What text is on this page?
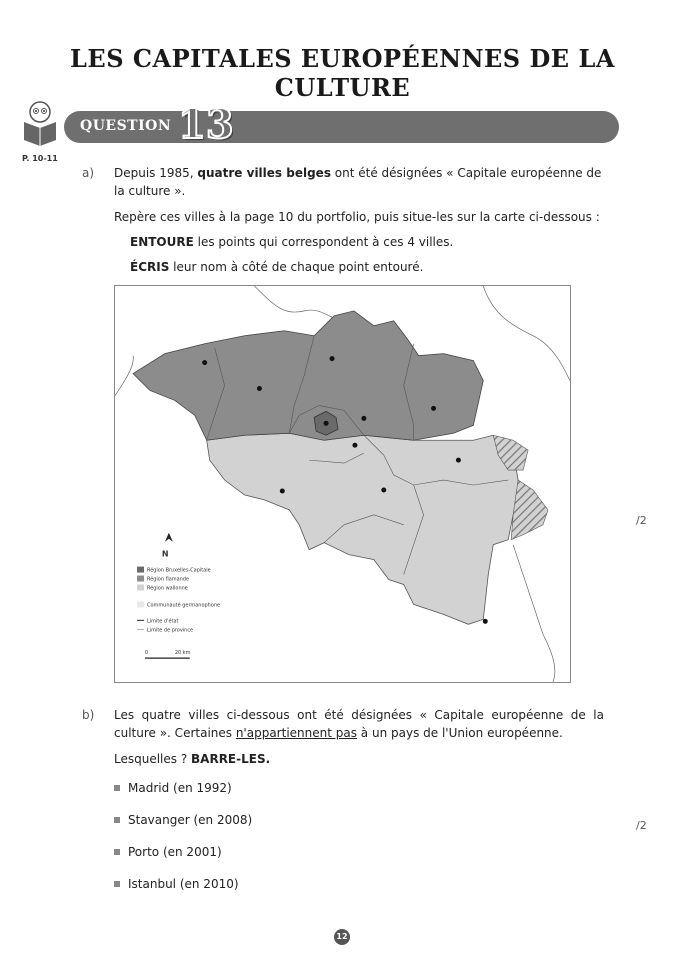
LES CAPITALES EUROPÉENNES DE LA CULTURE
P. 10-11
QUESTION 13
a) Depuis 1985, quatre villes belges ont été désignées « Capitale européenne de la culture ».
Repère ces villes à la page 10 du portfolio, puis situe-les sur la carte ci-dessous :
ENTOURE les points qui correspondent à ces 4 villes.
ÉCRIS leur nom à côté de chaque point entouré.
N
Région Bruxelles-Capitale
Région flamande
Région wallonne
Communauté germanophone
Limite d'état
Limite de province
0	20 km
/2
b) Les quatre villes ci-dessous ont été désignées « Capitale européenne de la culture ». Certaines n'appartiennent pas à un pays de l'Union européenne.
Lesquelles ? BARRE-LES.
Madrid (en 1992)
Stavanger (en 2008)
Porto (en 2001)
Istanbul (en 2010)
/2
12
